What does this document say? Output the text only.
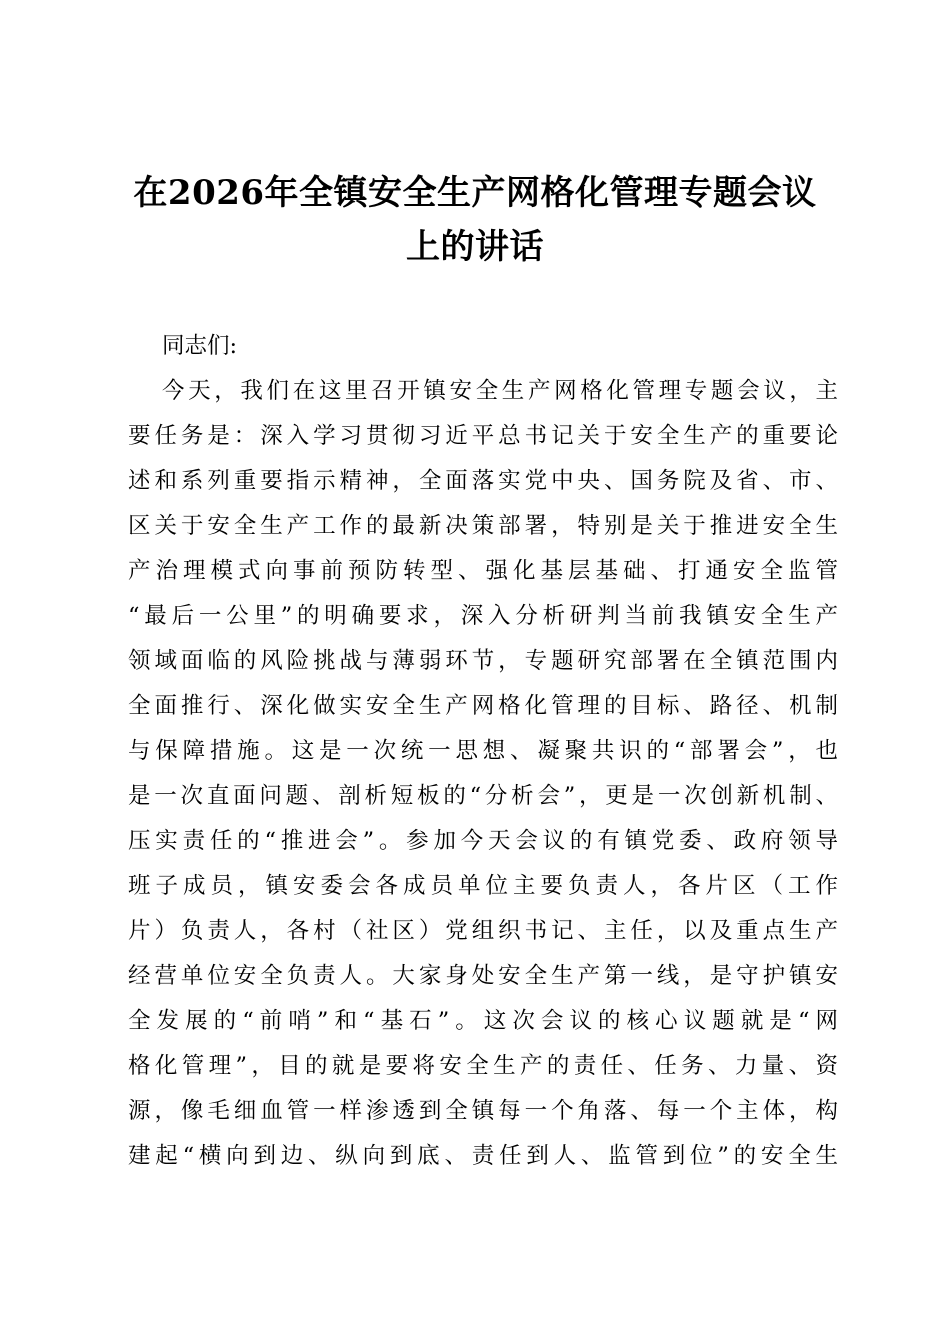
在2026年全镇安全生产网格化管理专题会议
上的讲话
同志们:
今天，我们在这里召开镇安全生产网格化管理专题会议，主
要任务是：深入学习贯彻习近平总书记关于安全生产的重要论
述和系列重要指示精神，全面落实党中央、国务院及省、市、
区关于安全生产工作的最新决策部署，特别是关于推进安全生
产治理模式向事前预防转型、强化基层基础、打通安全监管
“最后一公里”的明确要求，深入分析研判当前我镇安全生产
领域面临的风险挑战与薄弱环节，专题研究部署在全镇范围内
全面推行、深化做实安全生产网格化管理的目标、路径、机制
与保障措施。这是一次统一思想、凝聚共识的“部署会”，也
是一次直面问题、剖析短板的“分析会”，更是一次创新机制、
压实责任的“推进会”。参加今天会议的有镇党委、政府领导
班子成员，镇安委会各成员单位主要负责人，各片区（工作
片）负责人，各村（社区）党组织书记、主任，以及重点生产
经营单位安全负责人。大家身处安全生产第一线，是守护镇安
全发展的“前哨”和“基石”。这次会议的核心议题就是“网
格化管理”，目的就是要将安全生产的责任、任务、力量、资
源，像毛细血管一样渗透到全镇每一个角落、每一个主体，构
建起“横向到边、纵向到底、责任到人、监管到位”的安全生
